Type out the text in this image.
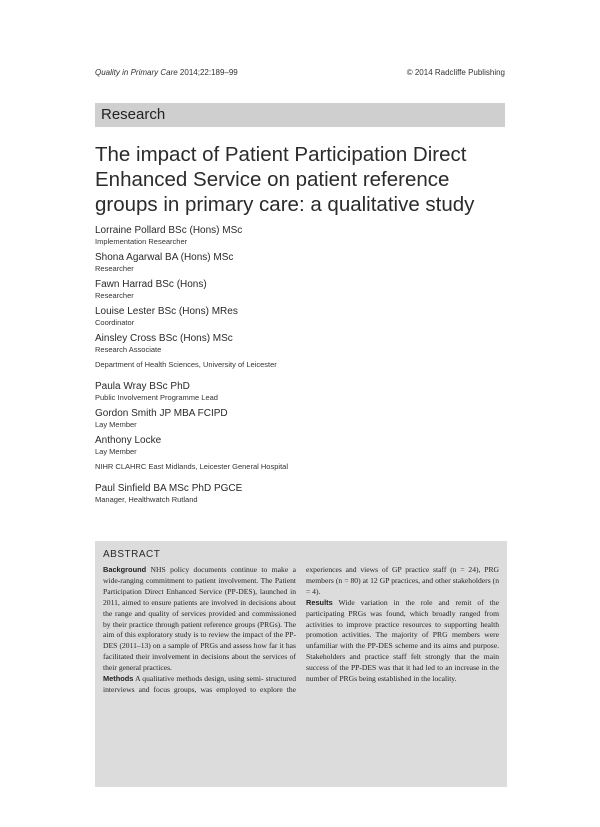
Quality in Primary Care 2014;22:189–99	© 2014 Radcliffe Publishing
Research
The impact of Patient Participation Direct Enhanced Service on patient reference groups in primary care: a qualitative study
Lorraine Pollard BSc (Hons) MSc
Implementation Researcher
Shona Agarwal BA (Hons) MSc
Researcher
Fawn Harrad BSc (Hons)
Researcher
Louise Lester BSc (Hons) MRes
Coordinator
Ainsley Cross BSc (Hons) MSc
Research Associate
Department of Health Sciences, University of Leicester
Paula Wray BSc PhD
Public Involvement Programme Lead
Gordon Smith JP MBA FCIPD
Lay Member
Anthony Locke
Lay Member
NIHR CLAHRC East Midlands, Leicester General Hospital
Paul Sinfield BA MSc PhD PGCE
Manager, Healthwatch Rutland
ABSTRACT

Background NHS policy documents continue to make a wide-ranging commitment to patient involvement. The Patient Participation Direct Enhanced Service (PP-DES), launched in 2011, aimed to ensure patients are involved in decisions about the range and quality of services provided and commissioned by their practice through patient reference groups (PRGs). The aim of this exploratory study is to review the impact of the PP-DES (2011–13) on a sample of PRGs and assess how far it has facilitated their involvement in decisions about the services of their general practices.

Methods A qualitative methods design, using semi- structured interviews and focus groups, was employed to explore the experiences and views of GP practice staff (n = 24), PRG members (n = 80) at 12 GP practices, and other stakeholders (n = 4).

Results Wide variation in the role and remit of the participating PRGs was found, which broadly ranged from activities to improve practice resources to supporting health promotion activities. The majority of PRG members were unfamiliar with the PP-DES scheme and its aims and purpose. Stakeholders and practice staff felt strongly that the main success of the PP-DES was that it had led to an increase in the number of PRGs being established in the locality.
